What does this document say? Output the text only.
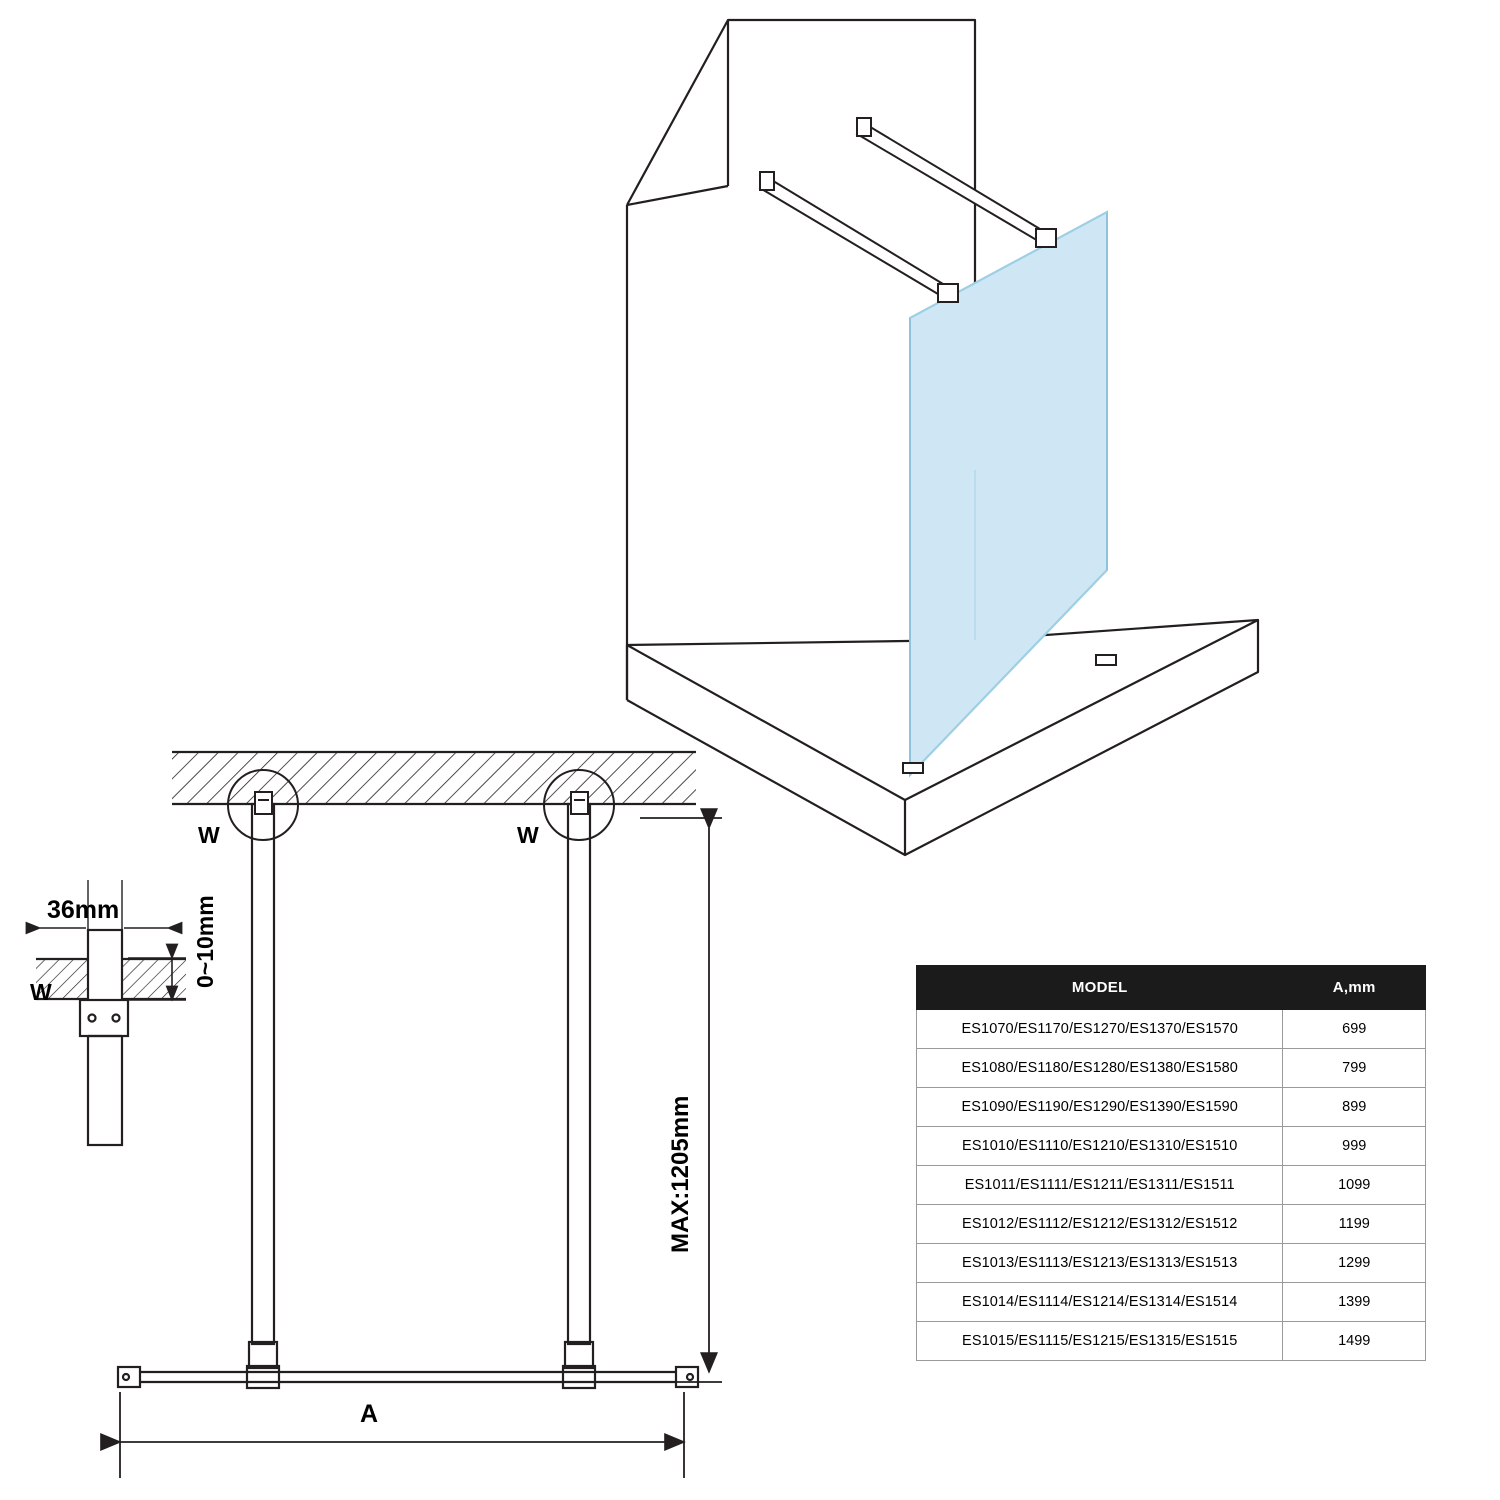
36mm	0~10mm
MAX:1205mm
A
W	W
W	MODEL	A,mm
ES1070/ES1170/ES1270/ES1370/ES1570	699
ES1080/ES1180/ES1280/ES1380/ES1580	799
ES1090/ES1190/ES1290/ES1390/ES1590	899
ES1010/ES1110/ES1210/ES1310/ES1510	999
ES1011/ES1111/ES1211/ES1311/ES1511	1099
ES1012/ES1112/ES1212/ES1312/ES1512	1199
ES1013/ES1113/ES1213/ES1313/ES1513	1299
ES1014/ES1114/ES1214/ES1314/ES1514	1399
ES1015/ES1115/ES1215/ES1315/ES1515	1499
